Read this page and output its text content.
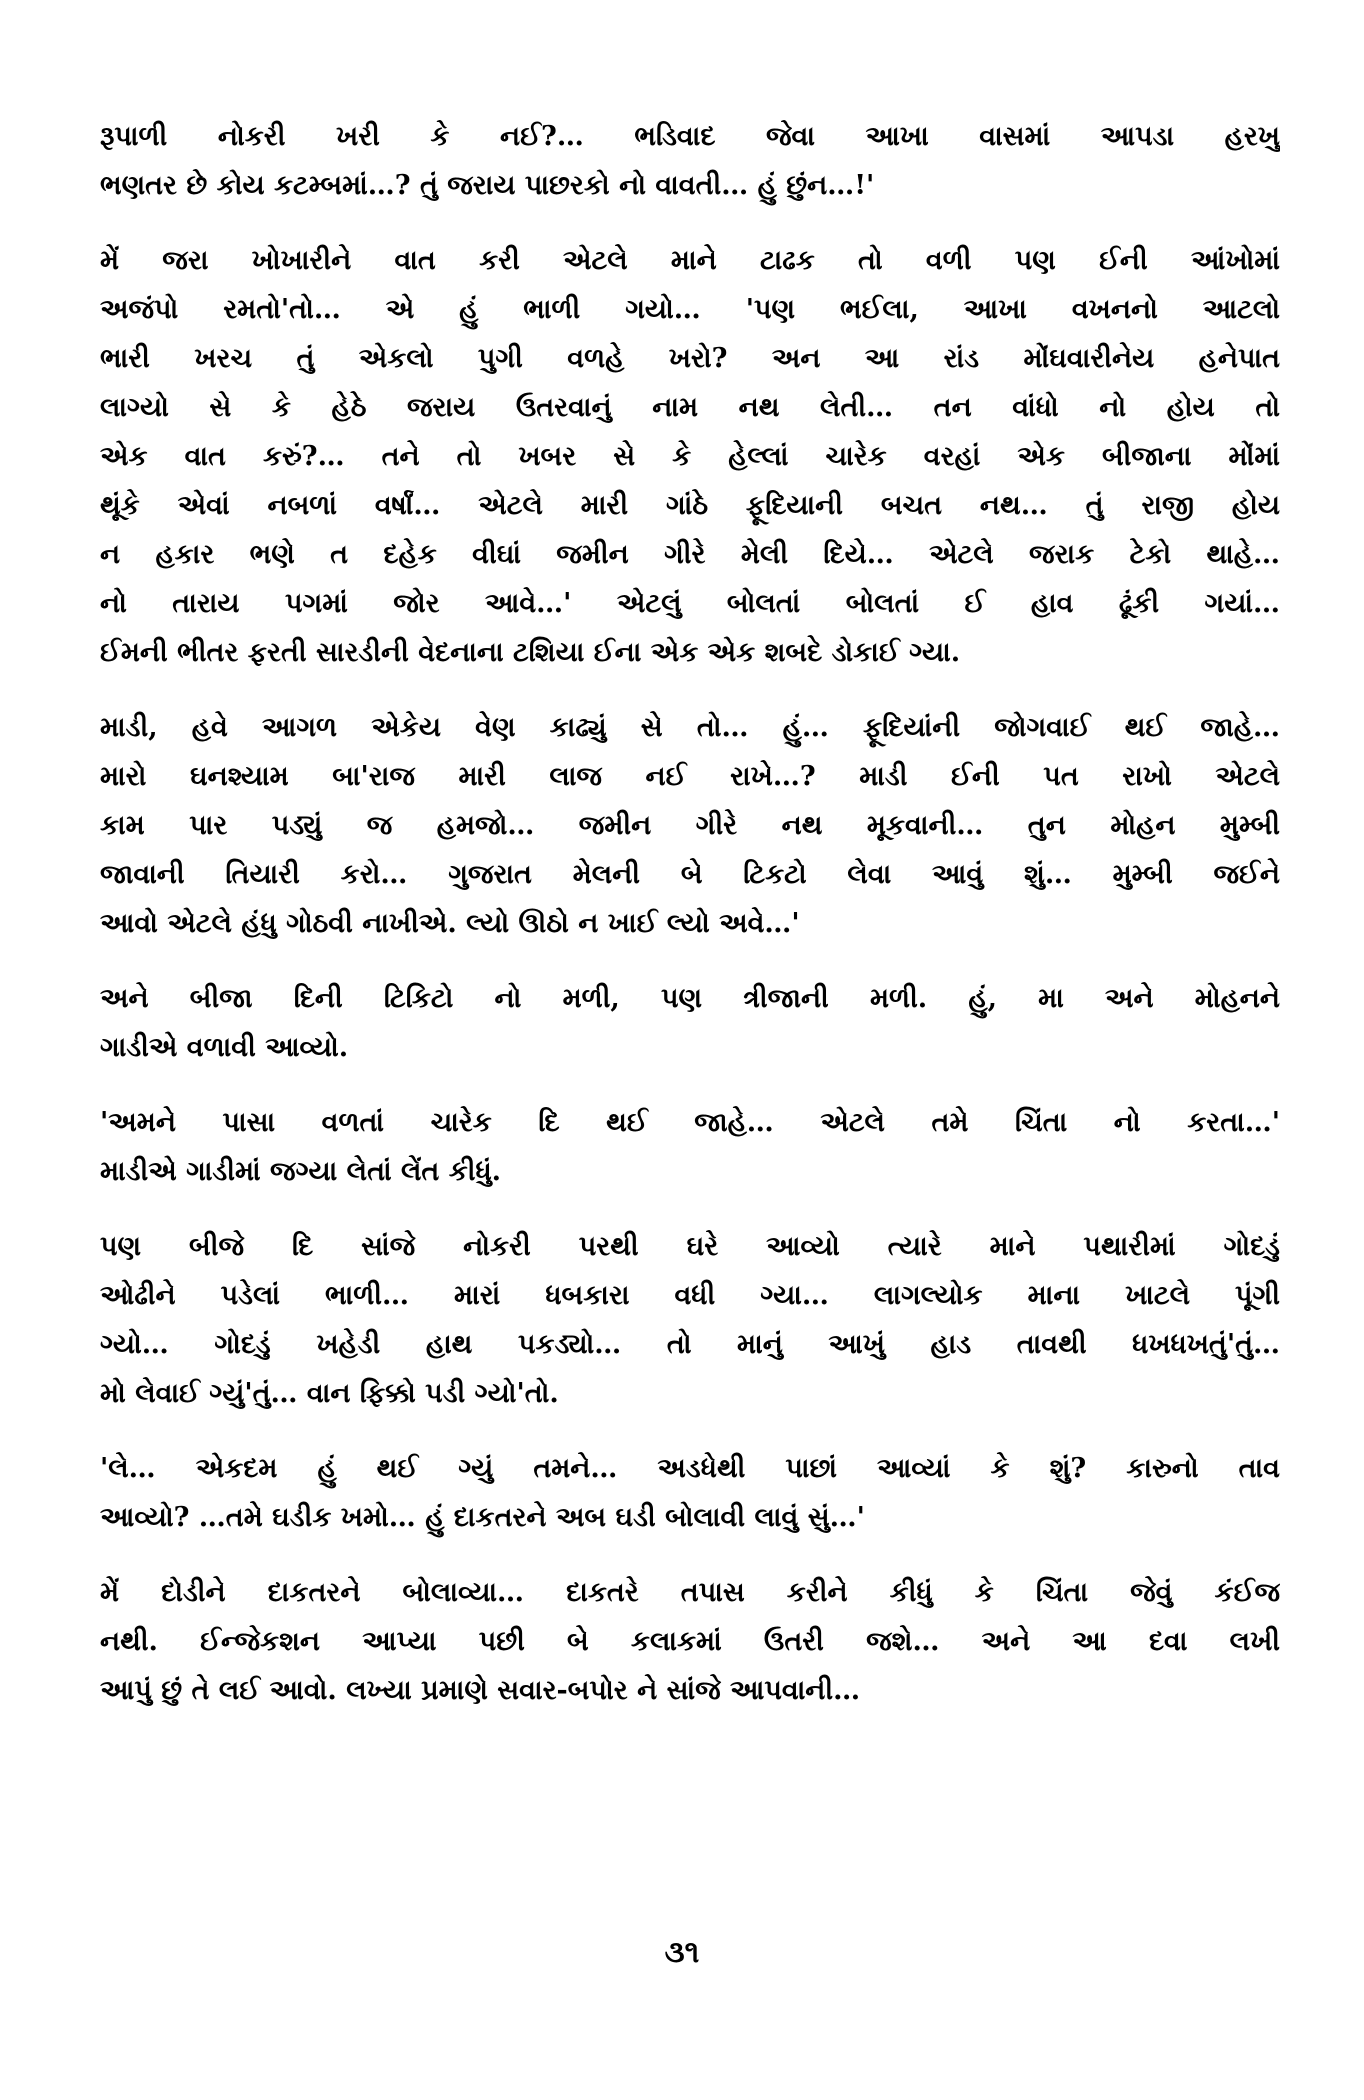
રૂપાળી નોકરી ખરી કે નઈ?… ભડિવાદ જેવા આખા વાસમાં આપડા હરખુ
ભણતર છે કોય કટમ્બમાં…? તું જરાય પાછરકો નો વાવતી… હું છુંન…!'
મેં જરા ખોખારીને વાત કરી એટલે માને ટાઢક તો વળી પણ ઈની આંખોમાં
અજંપો રમતો'તો… એ હું ભાળી ગયો… 'પણ ભઈલા, આખા વખનનો આટલો
ભારી ખરચ તું એકલો પુગી વળહે ખરો? અન આ રાંડ મોંઘવારીનેય હનેપાત
લાગ્યો સે કે હેઠે જરાય ઉતરવાનું નામ નથ લેતી… તન વાંધો નો હોય તો
એક વાત કરું?… તને તો ખબર સે કે હેલ્લાં ચારેક વરહાં એક બીજાના મોંમાં
થૂંકે એવાં નબળાં વર્ષાં… એટલે મારી ગાંઠે ફૂદિયાની બચત નથ… તું રાજી હોય
ન હકાર ભણે ત દહેક વીઘાં જમીન ગીરે મેલી દિયે… એટલે જરાક ટેકો થાહે…
નો તારાય પગમાં જોર આવે…' એટલું બોલતાં બોલતાં ઈ હાવ ઢૂંકી ગયાં…
ઈમની ભીતર ફરતી સારડીની વેદનાના ટશિયા ઈના એક એક શબદે ડોકાઈ ગ્યા.
માડી, હવે આગળ એકેય વેણ કાઢ્યું સે તો… હું… ફૂદિયાંની જોગવાઈ થઈ જાહે…
મારો ઘનશ્યામ બા'રાજ મારી લાજ નઈ રાખે…? માડી ઈની પત રાખો એટલે
કામ પાર પડ્યું જ હમજો… જમીન ગીરે નથ મૂકવાની… તુન મોહન મુમ્બી
જાવાની તિયારી કરો… ગુજરાત મેલની બે ટિકટો લેવા આવું શું… મુમ્બી જઈને
આવો એટલે હંધુ ગોઠવી નાખીએ. લ્યો ઊઠો ન ખાઈ લ્યો અવે…'
અને બીજા દિની ટિકિટો નો મળી, પણ ત્રીજાની મળી. હું, મા અને મોહનને
ગાડીએ વળાવી આવ્યો.
'અમને પાસા વળતાં ચારેક દિ થઈ જાહે… એટલે તમે ચિંતા નો કરતા…'
માડીએ ગાડીમાં જગ્યા લેતાં લેંત કીધું.
પણ બીજે દિ સાંજે નોકરી પરથી ઘરે આવ્યો ત્યારે માને પથારીમાં ગોદડું
ઓઢીને પડેલાં ભાળી… મારાં ધબકારા વધી ગ્યા… લાગલ્યોક માના ખાટલે પૂંગી
ગ્યો… ગોદડું ખહેડી હાથ પકડ્યો… તો માનું આખું હાડ તાવથી ધખધખતું'તું…
મો લેવાઈ ગ્યું'તું… વાન ફિક્કો પડી ગ્યો'તો.
'લે… એકદમ હું થઈ ગ્યું તમને… અડધેથી પાછાં આવ્યાં કે શું? કારુનો તાવ
આવ્યો? …તમે ઘડીક ખમો… હું દાકતરને અબ ઘડી બોલાવી લાવું સું…'
મેં દોડીને દાકતરને બોલાવ્યા… દાકતરે તપાસ કરીને કીધું કે ચિંતા જેવું કંઈજ
નથી. ઈન્જેકશન આપ્યા પછી બે કલાકમાં ઉતરી જશે… અને આ દવા લખી
આપું છું તે લઈ આવો. લખ્યા પ્રમાણે સવાર-બપોર ને સાંજે આપવાની…
૩૧
